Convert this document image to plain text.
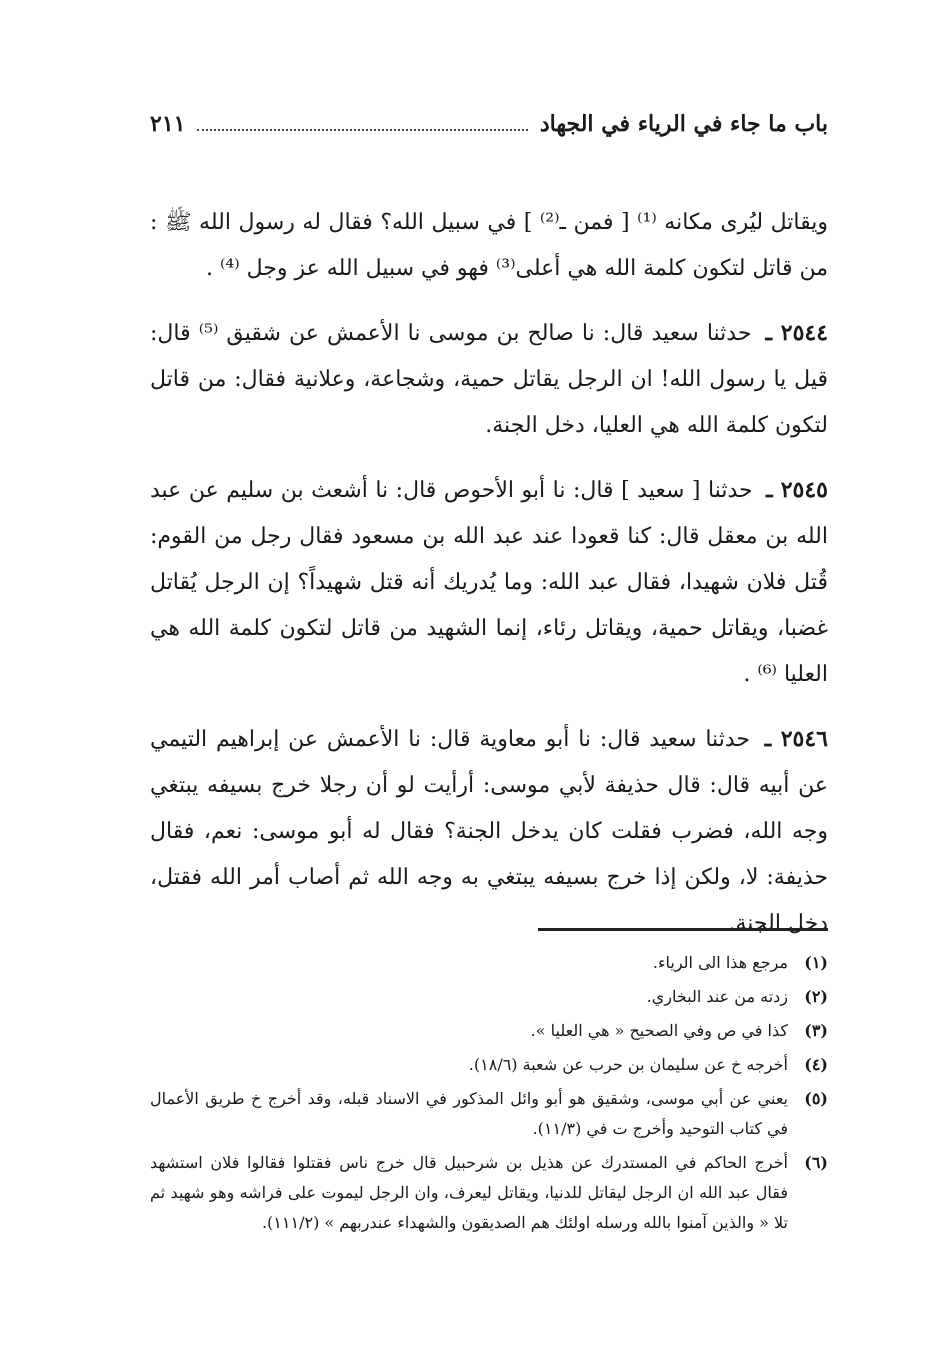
باب ما جاء في الرياء في الجهاد
٢١١

ويقاتل ليُرى مكانه ⁽¹⁾ [ فمن ـ⁽²⁾ ] في سبيل الله؟ فقال له رسول الله ﷺ : من قاتل لتكون كلمة الله هي أعلى⁽³⁾ فهو في سبيل الله عز وجل ⁽⁴⁾ .

٢٥٤٤ ـ حدثنا سعيد قال: نا صالح بن موسى نا الأعمش عن شقيق ⁽⁵⁾ قال: قيل يا رسول الله! ان الرجل يقاتل حمية، وشجاعة، وعلانية فقال: من قاتل لتكون كلمة الله هي العليا، دخل الجنة.

٢٥٤٥ ـ حدثنا [ سعيد ] قال: نا أبو الأحوص قال: نا أشعث بن سليم عن عبد الله بن معقل قال: كنا قعودا عند عبد الله بن مسعود فقال رجل من القوم: قُتل فلان شهيدا، فقال عبد الله: وما يُدريك أنه قتل شهيداً؟ إن الرجل يُقاتل غضبا، ويقاتل حمية، ويقاتل رئاء، إنما الشهيد من قاتل لتكون كلمة الله هي العليا ⁽⁶⁾ .

٢٥٤٦ ـ حدثنا سعيد قال: نا أبو معاوية قال: نا الأعمش عن إبراهيم التيمي عن أبيه قال: قال حذيفة لأبي موسى: أرأيت لو أن رجلا خرج بسيفه يبتغي وجه الله، فضرب فقلت كان يدخل الجنة؟ فقال له أبو موسى: نعم، فقال حذيفة: لا، ولكن إذا خرج بسيفه يبتغي به وجه الله ثم أصاب أمر الله فقتل، دخل الجنة.

(١)
مرجع هذا الى الرياء.
(٢)
زدته من عند البخاري.
(٣)
كذا في ص وفي الصحيح « هي العليا ».
(٤)
أخرجه خ عن سليمان بن حرب عن شعبة (١٨/٦).
(٥)
يعني عن أبي موسى، وشقيق هو أبو وائل المذكور في الاسناد قبله، وقد أخرج خ طريق الأعمال في كتاب التوحيد وأخرج ت في (١١/٣).
(٦)
أخرج الحاكم في المستدرك عن هذيل بن شرحبيل قال خرج ناس فقتلوا فقالوا فلان استشهد فقال عبد الله ان الرجل ليقاتل للدنيا، ويقاتل ليعرف، وان الرجل ليموت على فراشه وهو شهيد ثم تلا « والذين آمنوا بالله ورسله اولئك هم الصديقون والشهداء عندربهم » (١١١/٢).
